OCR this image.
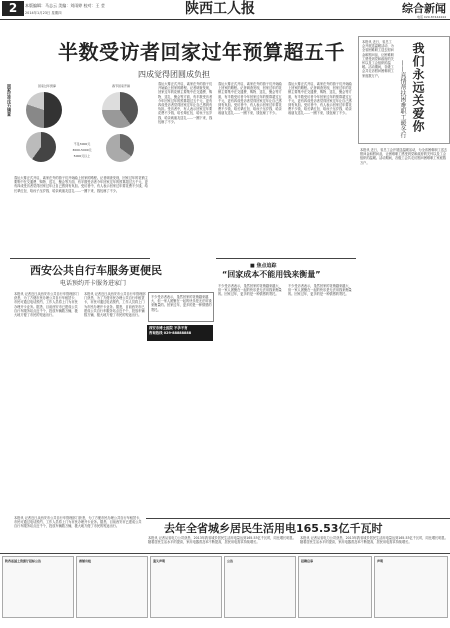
2	本版编辑：马志云 美编：刘雨婷 校对：王 莹
2014年1月23日 星期四	陕西工人报	综合新闻
电话 029-87444444
半数受访者回家过年预算超五千
四成觉得团圆成负担
回家过年压力调查	回家过年预算	春节回家开销
不足3000元
3000-5000元
5000元以上
春运大幕正式开启，离家在外的游子们开始踏上回家的路程。记者调查发现，回家过年的花销主要集中在交通费、购物、送礼、聚会等方面，有半数受访者今年回家过年的预算超过五千元，更有四成受访者觉得回家过年让自己感到有负担。受访者中，有人表示回家过年要花费不少钱，给长辈红包、给孩子压岁钱、给亲戚朋友送礼……一圈下来，钱包瘪了不少。
春运大幕正式开启，离家在外的游子们开始踏上回家的路程。记者调查发现，回家过年的花销主要集中在交通费、购物、送礼、聚会等方面，有半数受访者今年回家过年的预算超过五千元，更有四成受访者觉得回家过年让自己感到有负担。受访者中，有人表示回家过年要花费不少钱，给长辈红包、给孩子压岁钱、给亲戚朋友送礼……一圈下来，钱包瘪了不少。
春运大幕正式开启，离家在外的游子们开始踏上回家的路程。记者调查发现，回家过年的花销主要集中在交通费、购物、送礼、聚会等方面，有半数受访者今年回家过年的预算超过五千元，更有四成受访者觉得回家过年让自己感到有负担。受访者中，有人表示回家过年要花费不少钱，给长辈红包、给孩子压岁钱、给亲戚朋友送礼……一圈下来，钱包瘪了不少。
春运大幕正式开启，离家在外的游子们开始踏上回家的路程。记者调查发现，回家过年的花销主要集中在交通费、购物、送礼、聚会等方面，有半数受访者今年回家过年的预算超过五千元，更有四成受访者觉得回家过年让自己感到有负担。受访者中，有人表示回家过年要花费不少钱，给长辈红包、给孩子压岁钱、给亲戚朋友送礼……一圈下来，钱包瘪了不少。
西安公共自行车服务更便民
电话预约开卡服务进家门
本报讯 记者近日从西安市公共自行车管理部门获悉，为了方便市民办理公共自行车租赁卡，市民可通过电话预约，工作人员将上门为市民办理开卡业务。据悉，目前西安市已建成公共自行车服务站点近千个，投放车辆数万辆，极大地方便了市民的短途出行。
本报讯 记者近日从西安市公共自行车管理部门获悉，为了方便市民办理公共自行车租赁卡，市民可通过电话预约，工作人员将上门为市民办理开卡业务。据悉，目前西安市已建成公共自行车服务站点近千个，投放车辆数万辆，极大地方便了市民的短途出行。
不少受访者表示，虽然回家的花销越来越大，但一家人团聚在一起的快乐是无法用钱来衡量的。回家过年，更多的是一种情感的寄托。
西安市博士医院 不孕不育
咨询热线 029-88888888
■ 焦点追踪
“回家成本不能用钱来衡量”
不少受访者表示，虽然回家的花销越来越大，但一家人团聚在一起的快乐是无法用钱来衡量的。回家过年，更多的是一种情感的寄托。
不少受访者表示，虽然回家的花销越来越大，但一家人团聚在一起的快乐是无法用钱来衡量的。回家过年，更多的是一种情感的寄托。
我们永远关爱你
——真情帮扶困难职工暖冬行
本报讯 近日，省总工会开展送温暖活动，为全省困难职工送去慰问金和慰问品，让困难职工感受到党和政府的关怀以及工会组织的温暖。活动期间，各级工会共走访慰问困难职工家庭数万户。
本报讯 近日，省总工会开展送温暖活动，为全省困难职工送去慰问金和慰问品，让困难职工感受到党和政府的关怀以及工会组织的温暖。活动期间，各级工会共走访慰问困难职工家庭数万户。
去年全省城乡居民生活用电165.53亿千瓦时
本报讯 记者从省电力公司获悉，2013年我省城乡居民生活用电量达到165.53亿千瓦时，同比增长明显。随着居民生活水平的提高，家用电器普及率不断提高，居民用电需求持续增长。
本报讯 记者从省电力公司获悉，2013年我省城乡居民生活用电量达到165.53亿千瓦时，同比增长明显。随着居民生活水平的提高，家用电器普及率不断提高，居民用电需求持续增长。
本报讯 记者近日从西安市公共自行车管理部门获悉，为了方便市民办理公共自行车租赁卡，市民可通过电话预约，工作人员将上门为市民办理开卡业务。据悉，目前西安市已建成公共自行车服务站点近千个，投放车辆数万辆，极大地方便了市民的短途出行。
陕西省国土资源厅招标公告	商铺出租	遗失声明	公告	招聘启事	声明
